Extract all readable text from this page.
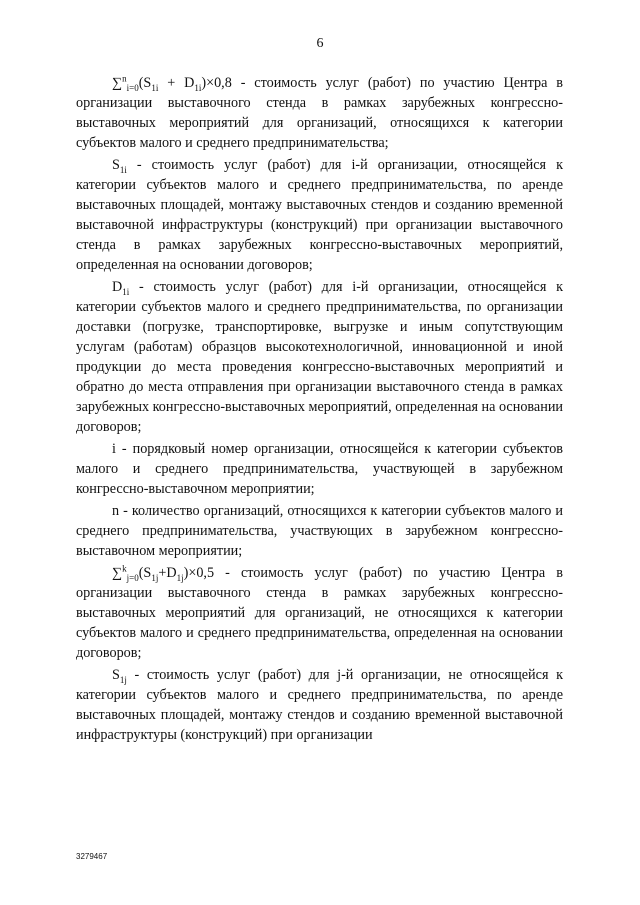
6

$\sum^n_{i=0}(S_{1i} + D_{1i})\times 0,8$ - стоимость услуг (работ) по участию Центра в организации выставочного стенда в рамках зарубежных конгрессно-выставочных мероприятий для организаций, относящихся к категории субъектов малого и среднего предпринимательства;

$S_{1i}$ - стоимость услуг (работ) для i-й организации, относящейся к категории субъектов малого и среднего предпринимательства, по аренде выставочных площадей, монтажу выставочных стендов и созданию временной выставочной инфраструктуры (конструкций) при организации выставочного стенда в рамках зарубежных конгрессно-выставочных мероприятий, определенная на основании договоров;

$D_{1i}$ - стоимость услуг (работ) для i-й организации, относящейся к категории субъектов малого и среднего предпринимательства, по организации доставки (погрузке, транспортировке, выгрузке и иным сопутствующим услугам (работам) образцов высокотехнологичной, инновационной и иной продукции до места проведения конгрессно-выставочных мероприятий и обратно до места отправления при организации выставочного стенда в рамках зарубежных конгрессно-выставочных мероприятий, определенная на основании договоров;

i - порядковый номер организации, относящейся к категории субъектов малого и среднего предпринимательства, участвующей в зарубежном конгрессно-выставочном мероприятии;

n - количество организаций, относящихся к категории субъектов малого и среднего предпринимательства, участвующих в зарубежном конгрессно-выставочном мероприятии;

$\sum^k_{j=0}(S_{1j}+D_{1j})\times 0,5$ - стоимость услуг (работ) по участию Центра в организации выставочного стенда в рамках зарубежных конгрессно-выставочных мероприятий для организаций, не относящихся к категории субъектов малого и среднего предпринимательства, определенная на основании договоров;

$S_{1j}$ - стоимость услуг (работ) для j-й организации, не относящейся к категории субъектов малого и среднего предпринимательства, по аренде выставочных площадей, монтажу стендов и созданию временной выставочной инфраструктуры (конструкций) при организации

3279467
